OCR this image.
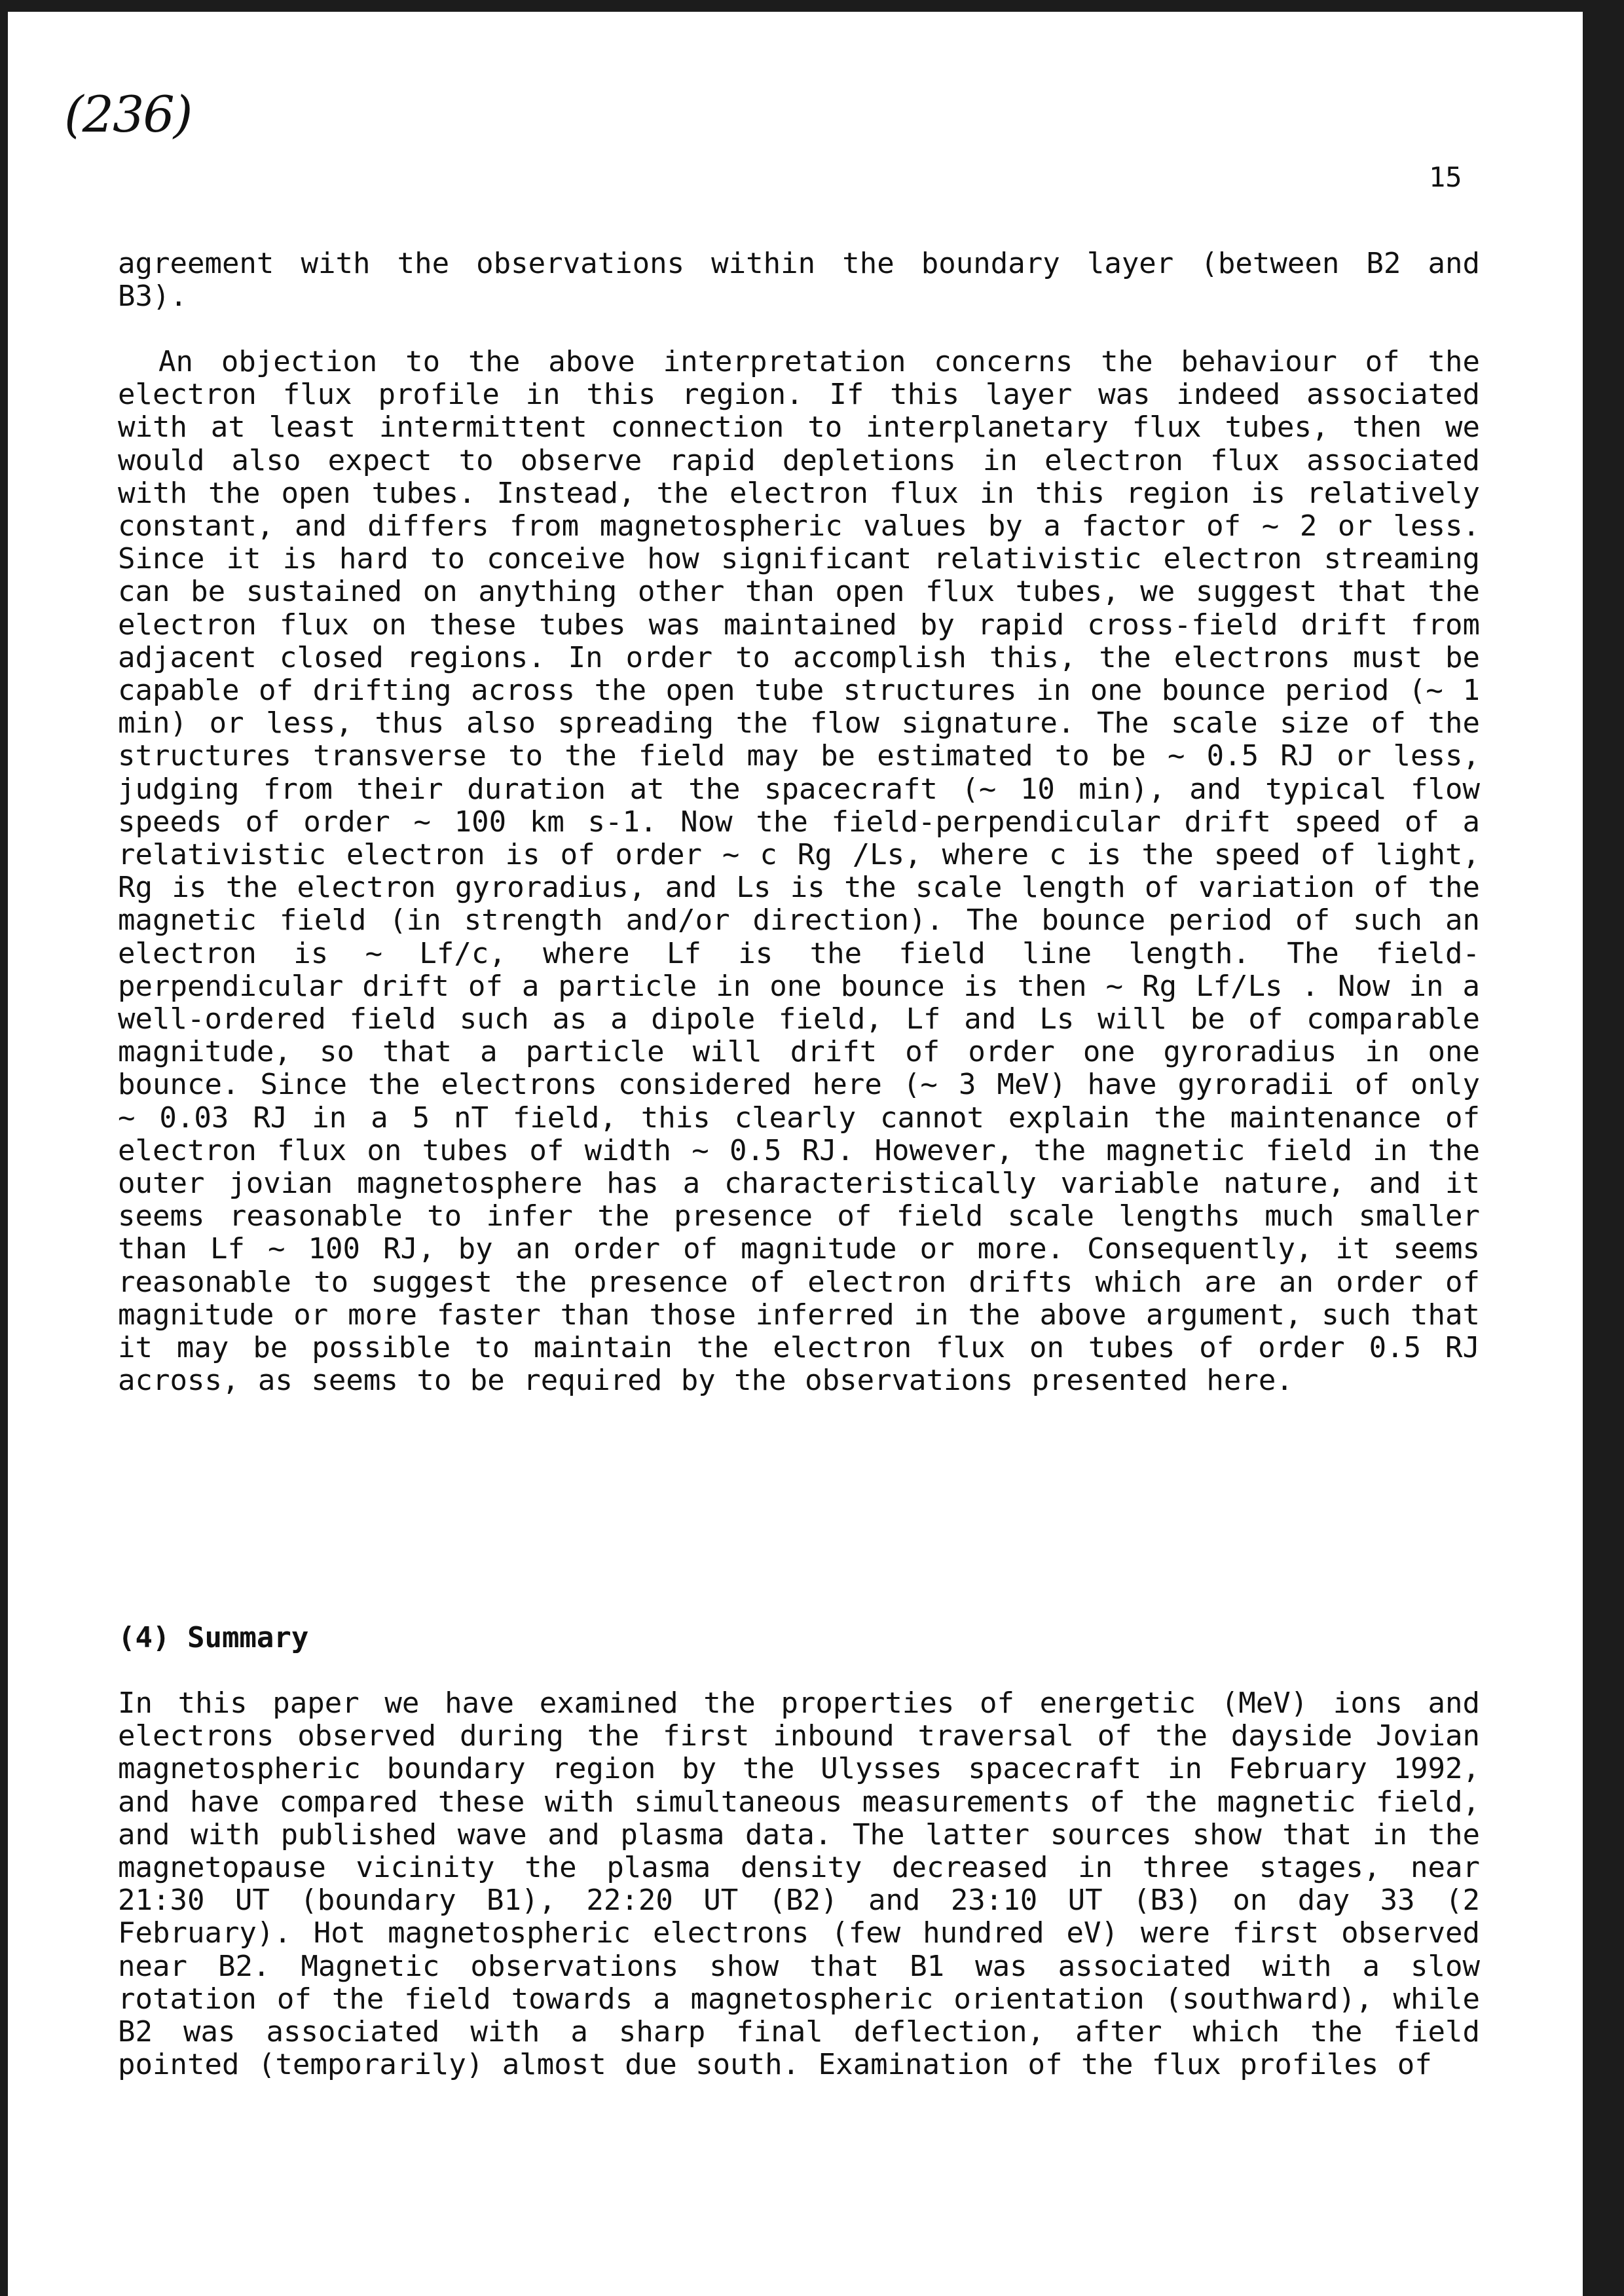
(236)
15
agreement with the observations within the boundary layer (between B2 and B3).
An objection to the above interpretation concerns the behaviour of the electron flux profile in this region. If this layer was indeed associated with at least intermittent connection to interplanetary flux tubes, then we would also expect to observe rapid depletions in electron flux associated with the open tubes. Instead, the electron flux in this region is relatively constant, and differs from magnetospheric values by a factor of ~ 2 or less. Since it is hard to conceive how significant relativistic electron streaming can be sustained on anything other than open flux tubes, we suggest that the electron flux on these tubes was maintained by rapid cross-field drift from adjacent closed regions. In order to accomplish this, the electrons must be capable of drifting across the open tube structures in one bounce period (~ 1 min) or less, thus also spreading the flow signature. The scale size of the structures transverse to the field may be estimated to be ~ 0.5 RJ or less, judging from their duration at the spacecraft (~ 10 min), and typical flow speeds of order ~ 100 km s-1. Now the field-perpendicular drift speed of a relativistic electron is of order ~ c Rg /Ls, where c is the speed of light, Rg is the electron gyroradius, and Ls is the scale length of variation of the magnetic field (in strength and/or direction). The bounce period of such an electron is ~ Lf/c, where Lf is the field line length. The field-perpendicular drift of a particle in one bounce is then ~ Rg Lf/Ls . Now in a well-ordered field such as a dipole field, Lf and Ls will be of comparable magnitude, so that a particle will drift of order one gyroradius in one bounce. Since the electrons considered here (~ 3 MeV) have gyroradii of only ~ 0.03 RJ in a 5 nT field, this clearly cannot explain the maintenance of electron flux on tubes of width ~ 0.5 RJ. However, the magnetic field in the outer jovian magnetosphere has a characteristically variable nature, and it seems reasonable to infer the presence of field scale lengths much smaller than Lf ~ 100 RJ, by an order of magnitude or more. Consequently, it seems reasonable to suggest the presence of electron drifts which are an order of magnitude or more faster than those inferred in the above argument, such that it may be possible to maintain the electron flux on tubes of order 0.5 RJ across, as seems to be required by the observations presented here.
(4) Summary
In this paper we have examined the properties of energetic (MeV) ions and electrons observed during the first inbound traversal of the dayside Jovian magnetospheric boundary region by the Ulysses spacecraft in February 1992, and have compared these with simultaneous measurements of the magnetic field, and with published wave and plasma data. The latter sources show that in the magnetopause vicinity the plasma density decreased in three stages, near 21:30 UT (boundary B1), 22:20 UT (B2) and 23:10 UT (B3) on day 33 (2 February). Hot magnetospheric electrons (few hundred eV) were first observed near B2. Magnetic observations show that B1 was associated with a slow rotation of the field towards a magnetospheric orientation (southward), while B2 was associated with a sharp final deflection, after which the field pointed (temporarily) almost due south. Examination of the flux profiles of
